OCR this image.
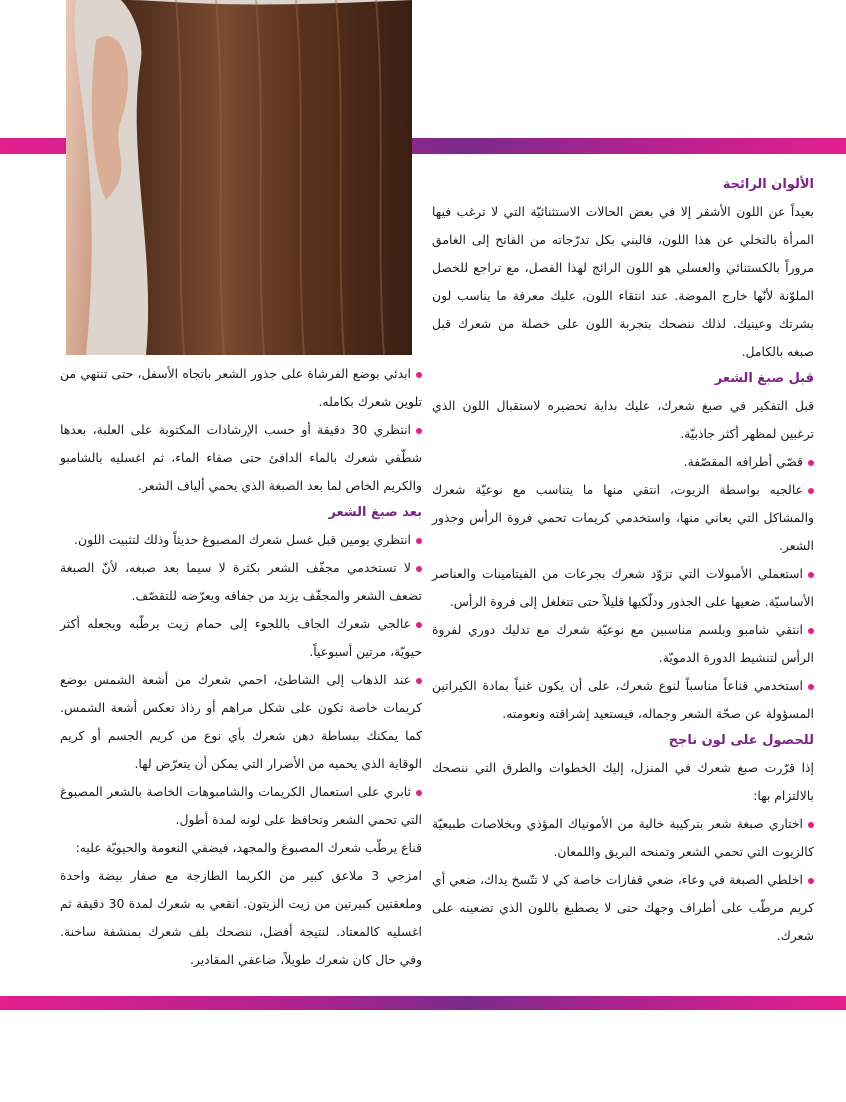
الألوان الرائجة

بعيداً عن اللون الأشقر إلا في بعض الحالات الاستثنائيّة التي لا ترغب فيها المرأة بالتخلي عن هذا اللون، فالبني بكل تدرّجاته من الفاتح إلى الغامق مروراً بالكستنائي والعسلي هو اللون الرائج لهذا الفصل، مع تراجع للخصل الملوّنة لأنّها خارج الموضة. عند انتقاء اللون، عليك معرفة ما يناسب لون بشرتك وعينيك. لذلك ننصحك بتجربة اللون على خصلة من شعرك قبل صبغه بالكامل.

قبل صبغ الشعر

قبل التفكير في صبغ شعرك، عليك بداية تحضيره لاستقبال اللون الذي ترغبين لمظهر أكثر جاذبيّة.

قصّي أطرافه المقصّفة.

عالجيه بواسطة الزيوت، انتقي منها ما يتناسب مع نوعيّة شعرك والمشاكل التي يعاني منها، واستخدمي كريمات تحمي فروة الرأس وجذور الشعر.

استعملي الأمبولات التي تزوّد شعرك بجرعات من الفيتامينات والعناصر الأساسيّة. ضعيها على الجذور ودلّكيها قليلاً حتى تتغلغل إلى فروة الرأس.

انتقي شامبو وبلسم مناسبين مع نوعيّة شعرك مع تدليك دوري لفروة الرأس لتنشيط الدورة الدمويّة.

استخدمي قناعاً مناسباً لنوع شعرك، على أن يكون غنياً بمادة الكيراتين المسؤولة عن صحّة الشعر وجماله، فيستعيد إشراقته ونعومته.

للحصول على لون ناجح

إذا قرّرت صبغ شعرك في المنزل، إليك الخطوات والطرق التي ننصحك بالالتزام بها:

اختاري صبغة شعر بتركيبة خالية من الأمونياك المؤذي وبخلاصات طبيعيّة كالزيوت التي تحمي الشعر وتمنحه البريق واللمعان.

اخلطي الصبغة في وعاء، ضعي قفازات خاصة كي لا تتّسخ يداك، ضعي أي كريم مرطّب على أطراف وجهك حتى لا يصطبغ باللون الذي تضعينه على شعرك.

ابدئي بوضع الفرشاة على جذور الشعر باتجاه الأسفل، حتى تنتهي من تلوين شعرك بكامله.

انتظري 30 دقيقة أو حسب الإرشادات المكتوبة على العلبة، بعدها شطّفي شعرك بالماء الدافئ حتى صفاء الماء، ثم اغسليه بالشامبو والكريم الخاص لما بعد الصبغة الذي يحمي ألياف الشعر.

بعد صبغ الشعر

انتظري يومين قبل غسل شعرك المصبوغ حديثاً وذلك لتثبيت اللون.

لا تستخدمي مجفّف الشعر بكثرة لا سيما بعد صبغه، لأنّ الصبغة تضعف الشعر والمجفّف يزيد من جفافه ويعرّضه للتقصّف.

عالجي شعرك الجاف باللجوء إلى حمام زيت يرطّبه ويجعله أكثر حيويّة، مرتين أسبوعياً.

عند الذهاب إلى الشاطئ، احمي شعرك من أشعة الشمس بوضع كريمات خاصة تكون على شكل مراهم أو رذاذ تعكس أشعة الشمس. كما يمكنك ببساطة دهن شعرك بأي نوع من كريم الجسم أو كريم الوقاية الذي يحميه من الأضرار التي يمكن أن يتعرّض لها.

ثابري على استعمال الكريمات والشامبوهات الخاصة بالشعر المصبوغ التي تحمي الشعر وتحافظ على لونه لمدة أطول.

قناع يرطّب شعرك المصبوغ والمجهد، فيضفي النعومة والحيويّة عليه:

امزجي 3 ملاعق كبير من الكريما الطازجة مع صفار بيضة واحدة وملعقتين كبيرتين من زيت الزيتون. انقعي به شعرك لمدة 30 دقيقة ثم اغسليه كالمعتاد. لنتيجة أفضل، ننصحك بلف شعرك بمنشفة ساخنة. وفي حال كان شعرك طويلاً، ضاعفي المقادير.
